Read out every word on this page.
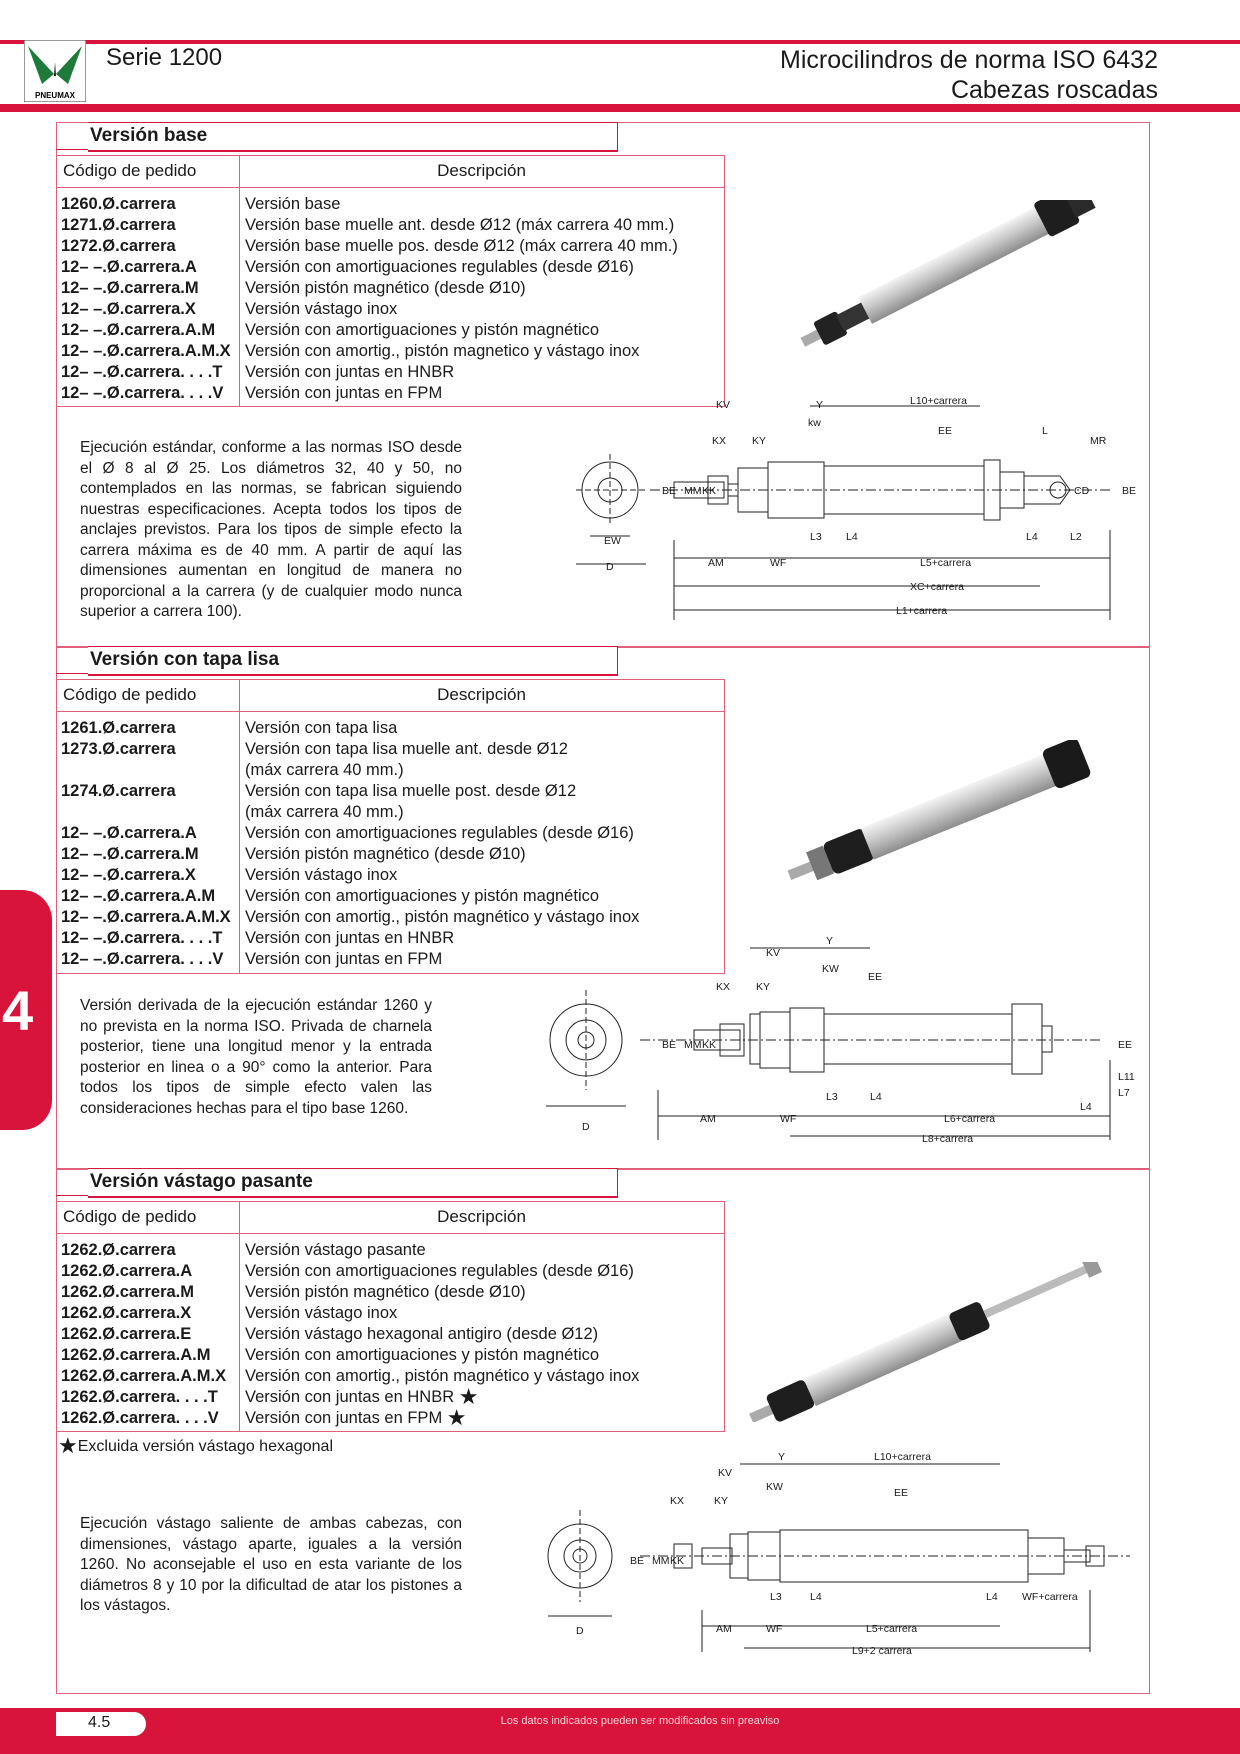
PNEUMAX
Serie 1200	Microcilindros de norma ISO 6432
Cabezas roscadas
Versión base
Código de pedido	Descripción
1260.Ø.carrera	Versión base
1271.Ø.carrera	Versión base muelle ant. desde Ø12 (máx carrera 40 mm.)
1272.Ø.carrera	Versión base muelle pos. desde Ø12 (máx carrera 40 mm.)
12– –.Ø.carrera.A	Versión con amortiguaciones regulables (desde Ø16)
12– –.Ø.carrera.M	Versión pistón magnético (desde Ø10)
12– –.Ø.carrera.X	Versión vástago inox
12– –.Ø.carrera.A.M	Versión con amortiguaciones y pistón magnético
12– –.Ø.carrera.A.M.X Versión con amortig., pistón magnetico y vástago inox
12– –.Ø.carrera. . . .T	Versión con juntas en HNBR
12– –.Ø.carrera. . . .V	Versión con juntas en FPM
Ejecución estándar, conforme a las normas ISO desde el Ø 8 al Ø 25. Los diámetros 32, 40 y 50, no contemplados en las normas, se fabrican siguiendo nuestras especificaciones. Acepta todos los tipos de anclajes previstos. Para los tipos de simple efecto la carrera máxima es de 40 mm. A partir de aquí las dimensiones aumentan en longitud de manera no proporcional a la carrera (y de cualquier modo nunca superior a carrera 100).
KV	Y	L10+carrera
kw
EE	L
KX KY	MR
BE MM KK	CD	BE
L3 L4	L4	L2
EW
D	AM	WF	L5+carrera
XC+carrera
L1+carrera
Versión con tapa lisa
Código de pedido	Descripción
1261.Ø.carrera	Versión con tapa lisa
1273.Ø.carrera	Versión con tapa lisa muelle ant. desde Ø12
(máx carrera 40 mm.)
1274.Ø.carrera	Versión con tapa lisa muelle post. desde Ø12
(máx carrera 40 mm.)
12– –.Ø.carrera.A	Versión con amortiguaciones regulables (desde Ø16)
12– –.Ø.carrera.M	Versión pistón magnético (desde Ø10)
12– –.Ø.carrera.X	Versión vástago inox
12– –.Ø.carrera.A.M	Versión con amortiguaciones y pistón magnético
12– –.Ø.carrera.A.M.X Versión con amortig., pistón magnético y vástago inox
12– –.Ø.carrera. . . .T	Versión con juntas en HNBR
12– –.Ø.carrera. . . .V	Versión con juntas en FPM
Versión derivada de la ejecución estándar 1260 y no prevista en la norma ISO. Privada de charnela posterior, tiene una longitud menor y la entrada posterior en linea o a 90° como la anterior. Para todos los tipos de simple efecto valen las consideraciones hechas para el tipo base 1260.
Y
KV
KW
EE
KX KY
BE MM KK	EE
L11
L7
L3	L4
L4
D
AM	WF	L6+carrera
L8+carrera
Versión vástago pasante
Código de pedido	Descripción
1262.Ø.carrera	Versión vástago pasante
1262.Ø.carrera.A	Versión con amortiguaciones regulables (desde Ø16)
1262.Ø.carrera.M	Versión pistón magnético (desde Ø10)
1262.Ø.carrera.X	Versión vástago inox
1262.Ø.carrera.E	Versión vástago hexagonal antigiro (desde Ø12)
1262.Ø.carrera.A.M	Versión con amortiguaciones y pistón magnético
1262.Ø.carrera.A.M.X	Versión con amortig., pistón magnético y vástago inox
1262.Ø.carrera. . . .T	Versión con juntas en HNBR ★
1262.Ø.carrera. . . .V	Versión con juntas en FPM ★
★Excluida versión vástago hexagonal
Ejecución vástago saliente de ambas cabezas, con dimensiones, vástago aparte, iguales a la versión 1260. No aconsejable el uso en esta variante de los diámetros 8 y 10 por la dificultad de atar los pistones a los vástagos.
Y	L10+carrera
KV
KW	EE
KX	KY
BE MM KK
L3	L4	L4 WF+carrera
D	AM	WF	L5+carrera
L9+2 carrera
4
4.5	Los datos indicados pueden ser modificados sin preaviso
